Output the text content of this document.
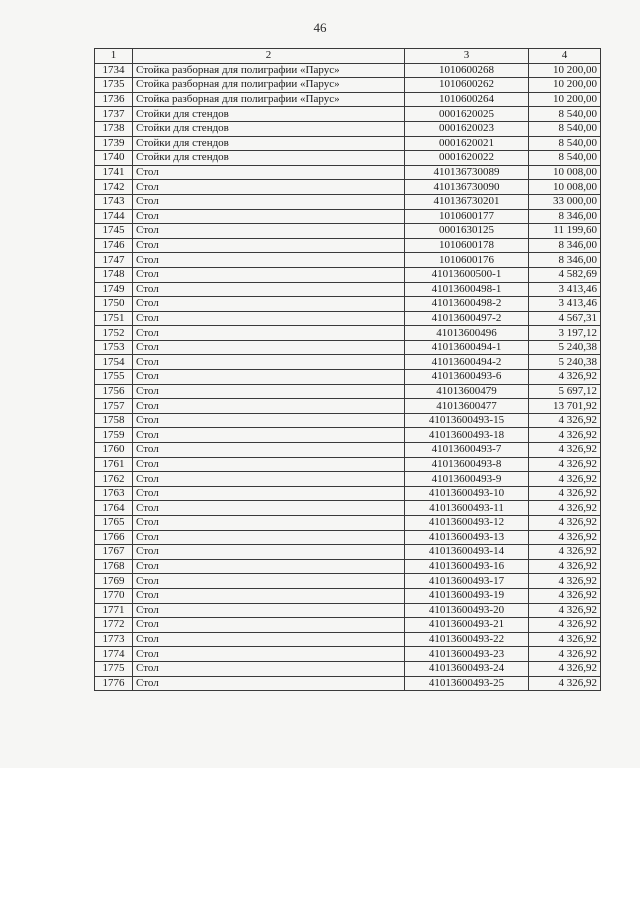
46
1	2	3	4
1734	Стойка разборная для полиграфии «Парус»	1010600268	10 200,00
1735	Стойка разборная для полиграфии «Парус»	1010600262	10 200,00
1736	Стойка разборная для полиграфии «Парус»	1010600264	10 200,00
1737	Стойки для стендов	0001620025	8 540,00
1738	Стойки для стендов	0001620023	8 540,00
1739	Стойки для стендов	0001620021	8 540,00
1740	Стойки для стендов	0001620022	8 540,00
1741	Стол	410136730089	10 008,00
1742	Стол	410136730090	10 008,00
1743	Стол	410136730201	33 000,00
1744	Стол	1010600177	8 346,00
1745	Стол	0001630125	11 199,60
1746	Стол	1010600178	8 346,00
1747	Стол	1010600176	8 346,00
1748	Стол	41013600500-1	4 582,69
1749	Стол	41013600498-1	3 413,46
1750	Стол	41013600498-2	3 413,46
1751	Стол	41013600497-2	4 567,31
1752	Стол	41013600496	3 197,12
1753	Стол	41013600494-1	5 240,38
1754	Стол	41013600494-2	5 240,38
1755	Стол	41013600493-6	4 326,92
1756	Стол	41013600479	5 697,12
1757	Стол	41013600477	13 701,92
1758	Стол	41013600493-15	4 326,92
1759	Стол	41013600493-18	4 326,92
1760	Стол	41013600493-7	4 326,92
1761	Стол	41013600493-8	4 326,92
1762	Стол	41013600493-9	4 326,92
1763	Стол	41013600493-10	4 326,92
1764	Стол	41013600493-11	4 326,92
1765	Стол	41013600493-12	4 326,92
1766	Стол	41013600493-13	4 326,92
1767	Стол	41013600493-14	4 326,92
1768	Стол	41013600493-16	4 326,92
1769	Стол	41013600493-17	4 326,92
1770	Стол	41013600493-19	4 326,92
1771	Стол	41013600493-20	4 326,92
1772	Стол	41013600493-21	4 326,92
1773	Стол	41013600493-22	4 326,92
1774	Стол	41013600493-23	4 326,92
1775	Стол	41013600493-24	4 326,92
1776	Стол	41013600493-25	4 326,92
